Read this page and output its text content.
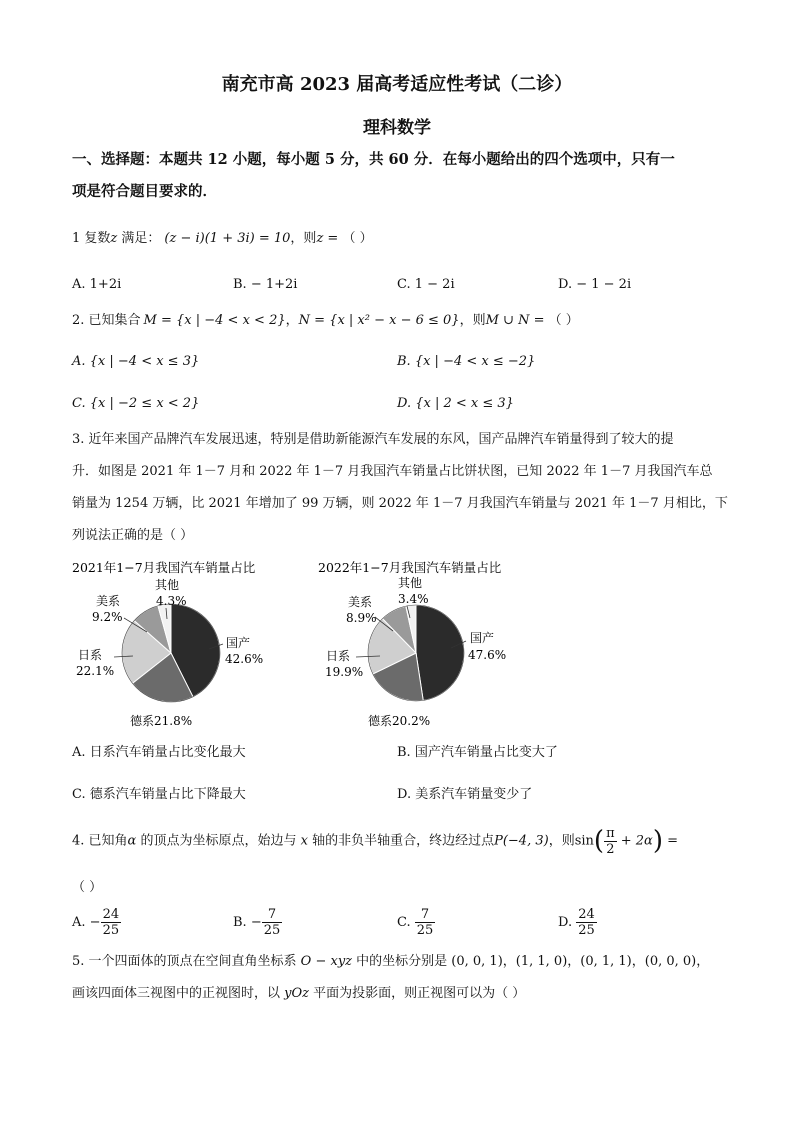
南充市高 2023 届高考适应性考试（二诊）
理科数学
一、选择题：本题共 12 小题，每小题 5 分，共 60 分．在每小题给出的四个选项中，只有一
项是符合题目要求的．
1 复数z 满足： (z − i)(1 + 3i) = 10，则z = （ ）
A. 1+2i	B. − 1+2i	C. 1 − 2i	D. − 1 − 2i
2. 已知集合 M = {x | −4 < x < 2}，N = {x | x² − x − 6 ≤ 0}，则M ∪ N = （ ）
A. {x | −4 < x ≤ 3}	B. {x | −4 < x ≤ −2}
C. {x | −2 ≤ x < 2}	D. {x | 2 < x ≤ 3}
3. 近年来国产品牌汽车发展迅速，特别是借助新能源汽车发展的东风，国产品牌汽车销量得到了较大的提
升．如图是 2021 年 1－7 月和 2022 年 1－7 月我国汽车销量占比饼状图，已知 2022 年 1－7 月我国汽车总
销量为 1254 万辆，比 2021 年增加了 99 万辆，则 2022 年 1－7 月我国汽车销量与 2021 年 1－7 月相比，下
列说法正确的是（ ）
2021年1−7月我国汽车销量占比
其他
4.3%
美系
9.2%
日系
22.1%
国产
42.6%
德系21.8%
2022年1−7月我国汽车销量占比
其他
3.4%
美系
8.9%
日系
19.9%
国产
47.6%
德系20.2%
A. 日系汽车销量占比变化最大	B. 国产汽车销量占比变大了
C. 德系汽车销量占比下降最大	D. 美系汽车销量变少了
4. 已知角α 的顶点为坐标原点，始边与 x 轴的非负半轴重合，终边经过点P(−4, 3)，则$\sin( \frac{\pi}{2} + 2\alpha)$ =
（ ）
A. − $\frac{24}{25}$	B. − $\frac{7}{25}$	C. $\frac{7}{25}$	D. $\frac{24}{25}$
5. 一个四面体的顶点在空间直角坐标系 O − xyz 中的坐标分别是 (0, 0, 1)，(1, 1, 0)，(0, 1, 1)，(0, 0, 0)，
画该四面体三视图中的正视图时，以 yOz 平面为投影面，则正视图可以为（ ）
